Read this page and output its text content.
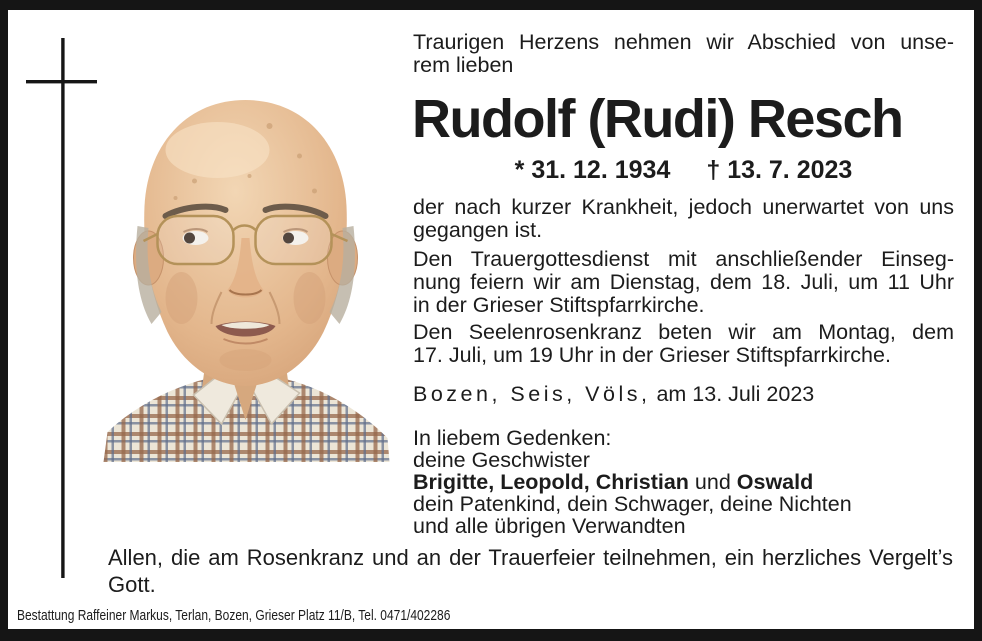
Traurigen Herzens nehmen wir Abschied von unse-
rem lieben
Rudolf (Rudi) Resch
* 31. 12. 1934 † 13. 7. 2023
der nach kurzer Krankheit, jedoch unerwartet von uns
gegangen ist.
Den Trauergottesdienst mit anschließender Einseg-
nung feiern wir am Dienstag, dem 18. Juli, um 11 Uhr
in der Grieser Stiftspfarrkirche.
Den Seelenrosenkranz beten wir am Montag, dem
17. Juli, um 19 Uhr in der Grieser Stiftspfarrkirche.
Bozen, Seis, Völs, am 13. Juli 2023
In liebem Gedenken:
deine Geschwister
Brigitte, Leopold, Christian und Oswald
dein Patenkind, dein Schwager, deine Nichten
und alle übrigen Verwandten
Allen, die am Rosenkranz und an der Trauerfeier teilnehmen, ein herzliches Vergelt’s
Gott.
Bestattung Raffeiner Markus, Terlan, Bozen, Grieser Platz 11/B, Tel. 0471/402286
